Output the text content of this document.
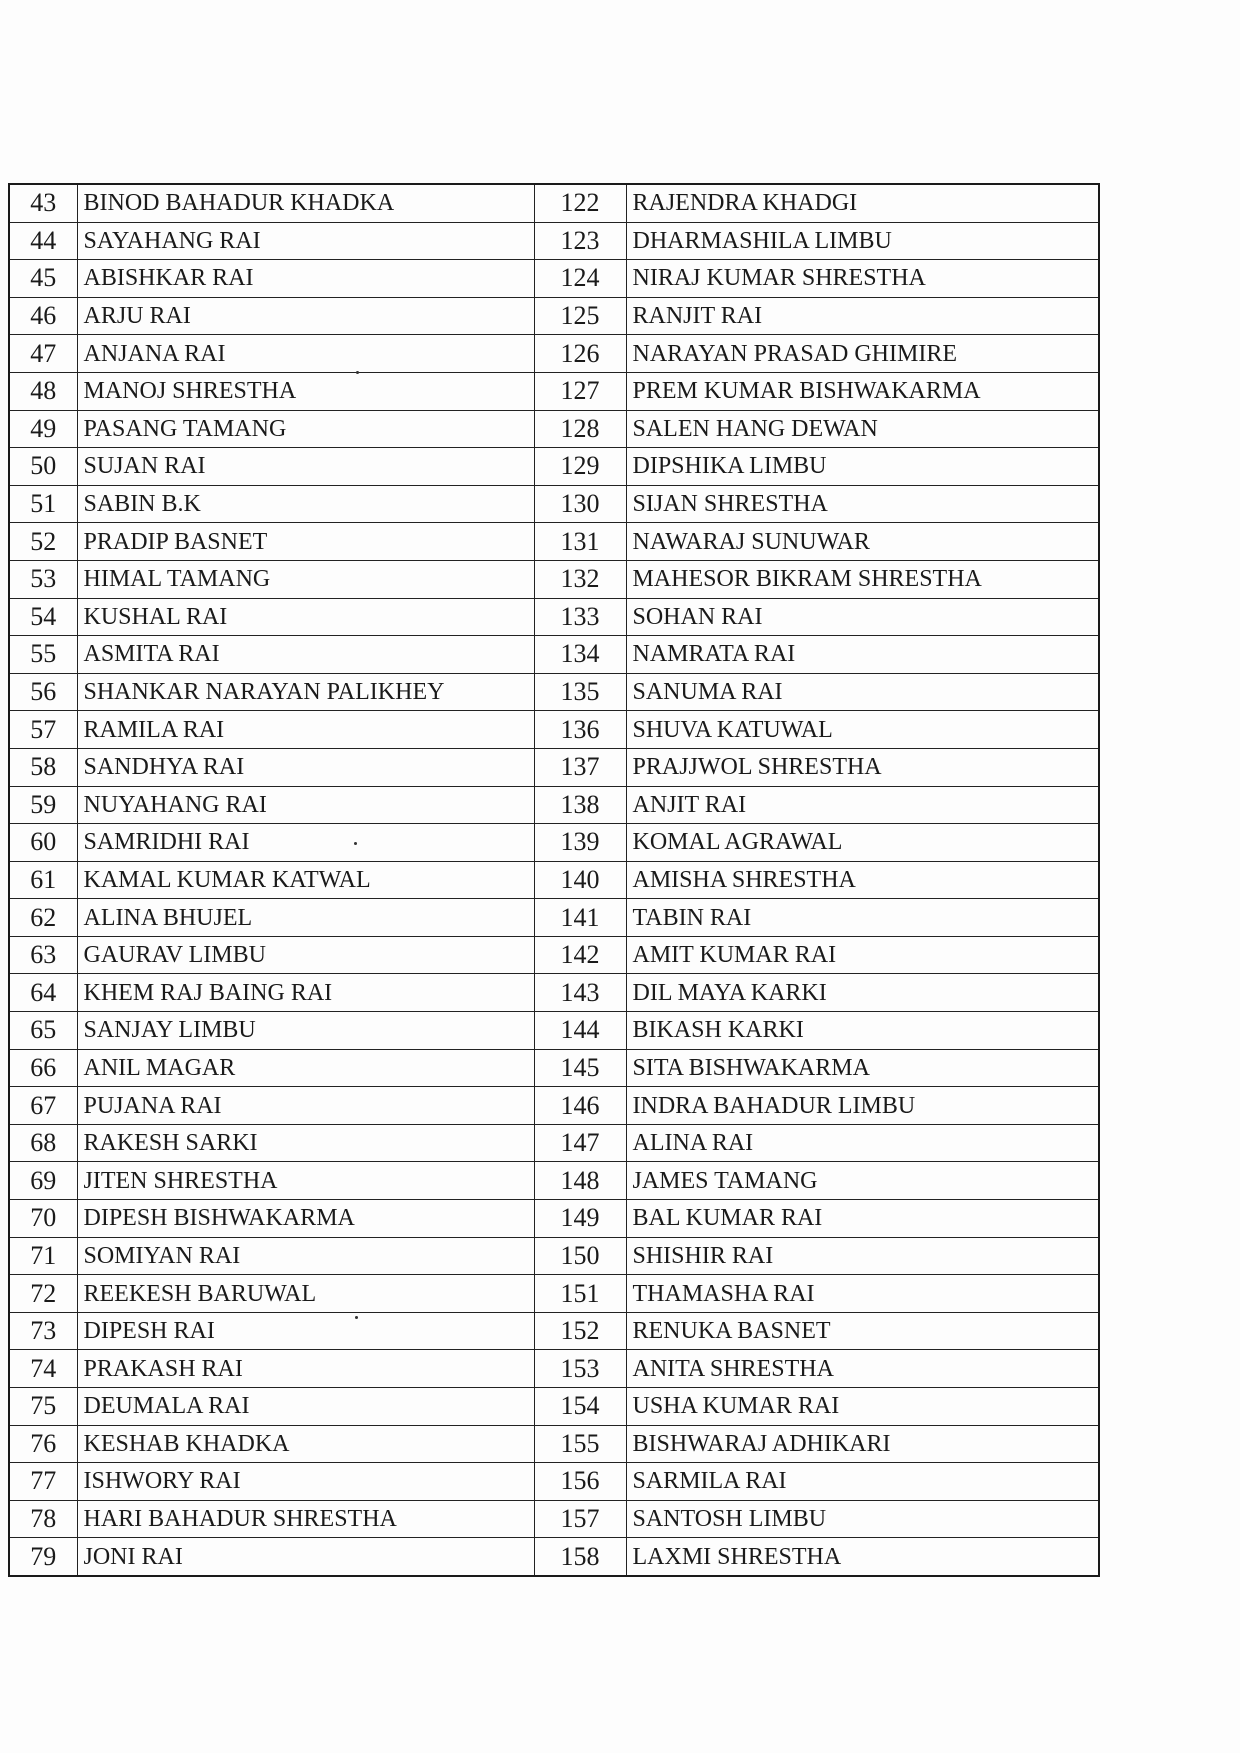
43	BINOD BAHADUR KHADKA	122	RAJENDRA KHADGI
44	SAYAHANG RAI	123	DHARMASHILA LIMBU
45	ABISHKAR RAI	124	NIRAJ KUMAR SHRESTHA
46	ARJU RAI	125	RANJIT RAI
47	ANJANA RAI	126	NARAYAN PRASAD GHIMIRE
48	MANOJ SHRESTHA	127	PREM KUMAR BISHWAKARMA
49	PASANG TAMANG	128	SALEN HANG DEWAN
50	SUJAN RAI	129	DIPSHIKA LIMBU
51	SABIN B.K	130	SIJAN SHRESTHA
52	PRADIP BASNET	131	NAWARAJ SUNUWAR
53	HIMAL TAMANG	132	MAHESOR BIKRAM SHRESTHA
54	KUSHAL RAI	133	SOHAN RAI
55	ASMITA RAI	134	NAMRATA RAI
56	SHANKAR NARAYAN PALIKHEY	135	SANUMA RAI
57	RAMILA RAI	136	SHUVA KATUWAL
58	SANDHYA RAI	137	PRAJJWOL SHRESTHA
59	NUYAHANG RAI	138	ANJIT RAI
60	SAMRIDHI RAI	139	KOMAL AGRAWAL
61	KAMAL KUMAR KATWAL	140	AMISHA SHRESTHA
62	ALINA BHUJEL	141	TABIN RAI
63	GAURAV LIMBU	142	AMIT KUMAR RAI
64	KHEM RAJ BAING RAI	143	DIL MAYA KARKI
65	SANJAY LIMBU	144	BIKASH KARKI
66	ANIL MAGAR	145	SITA BISHWAKARMA
67	PUJANA RAI	146	INDRA BAHADUR LIMBU
68	RAKESH SARKI	147	ALINA RAI
69	JITEN SHRESTHA	148	JAMES TAMANG
70	DIPESH BISHWAKARMA	149	BAL KUMAR RAI
71	SOMIYAN RAI	150	SHISHIR RAI
72	REEKESH BARUWAL	151	THAMASHA RAI
73	DIPESH RAI	152	RENUKA BASNET
74	PRAKASH RAI	153	ANITA SHRESTHA
75	DEUMALA RAI	154	USHA KUMAR RAI
76	KESHAB KHADKA	155	BISHWARAJ ADHIKARI
77	ISHWORY RAI	156	SARMILA RAI
78	HARI BAHADUR SHRESTHA	157	SANTOSH LIMBU
79	JONI RAI	158	LAXMI SHRESTHA
